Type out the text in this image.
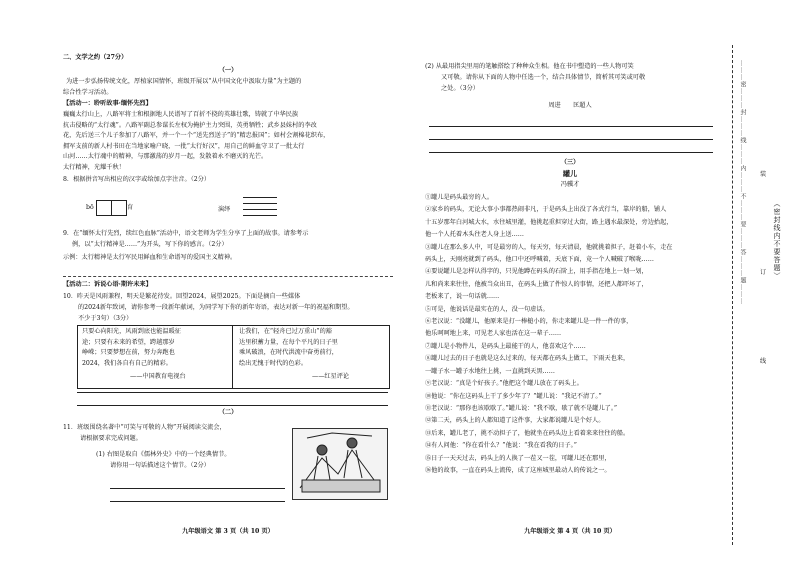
二、文学之约（27分）
（一）
为进一步弘扬传统文化，厚植家国情怀，班级开展以“从中国文化中汲取力量”为主题的
综合性学习活动。
【活动一：聆听故事·缅怀先烈】
巍巍太行山上，八路军将士和根据地人民谱写了百折不挠的英雄壮歌，铸就了中华民族
抗击侵略的“太行魂”。八路军副总参谋长左权为掩护主力突围，英勇牺牲；武乡县妹村的李改
花，先后送三个儿子参加了八路军，并一个一个“送先烈送子”的“精忠报国”；如村会割棉花织布，
拥军支前的新人村书田在当地家喻户晓，一批“太行好汉”，用自己的鲜血守卫了一批太行
山河……太行魂中的精神，与那激荡的岁月一起，发散着永不磨灭的光芒。
太行精神，光耀千秋！
8．根据拼音写出相应的汉字或给加点字注音。（2分）
bō	育	演绎
9．在“缅怀太行先烈，续红色血脉”活动中，语文老师为学生分享了上面的故事。请参考示
例，以“太行精神是……”为开头，写下你的感言。（2分）
示例：太行精神是太行军民用鲜血和生命谱写的爱国主义精神。
【活动二：诉说心语·期许未来】
10．昨天是风雨兼程，明天是繁花待发。回望2024，展望2025。下面是摘自一些媒体
的2024新年致词，请你参考一段新年献词，为同学写下你的新年寄语，表达对新一年的祝福和期望。
不少于3句）（3分）
只要心向阳光，风雨到底也能温暖征
途；只要有未来的希望，跨越那岁
峥嵘；只要梦想在前，努力奔跑也
2024，我们各自有自己的精彩。
——中国教育电视台
让我们，在“轻舟已过万重山”的豁
达里积蓄力量，在每个平凡的日子里
乘风破浪，在时代洪流中奋勇前行，
绘出无愧于时代的色彩。
——红星评论
（二）
11．班级围绕名著中“可笑与可敬的人物”开展阅读交流会，
请根据要求完成问题。
(1) 右图是取自《儒林外史》中的一个经典情节。
请你用一句话描述这个情节。（2分）
九年级语文 第 3 页（共 10 页）
(2) 从最用指尖里用的笔触搭绘了种种众生相。他在书中塑造的一些人物可笑
又可敬。请你从下面的人物中任选一个，结合具体情节，简析其可笑或可敬
之处。（3分）
周进　　匡超人
（三）
罐儿
冯骥才
①罐儿是码头最穷的人。
②家乡的码头，无论大事小事都热闹非凡，于是码头上出没了各式行当，靠岸的船，铺人
十五岁那年白河城大水，水往城里灌，他挑起重担穿过大街，路上遇水最深处，旁边抬起，
他一个人托着木头往老人身上送……
③罐儿在那么多人中，可是最穷的人，每天穷，每天清晨，他就挑着担子，赶着小车，走在
码头上，天刚亮就到了码头，他口中还呼喊着，天底下面，竟一个人喊破了喉咙……
④要说罐儿是怎样认得字的，只见他蹲在码头的石阶上，用手指在地上一划一划，
儿和尚来来往往，他被当众出丑，在码头上做了件惊人的事情，还把人都吓坏了，
老板来了，说一句话就……
⑤可是，他说话是最实在的人，没一句虚话。
⑥老汉说：“没罐儿，他原来是打一棒槌小的，你走来罐儿是一件一件的事，
他乐呵呵地上来，可见老人家也活在这一辈子……
⑦罐儿是小物件儿，是码头上最能干的人，他喜欢这个……
⑧罐儿过去的日子也就是这么过来的，每天都在码头上做工，下雨天也来，
一罐子水一罐子水地往上挑，一直挑到天黑……
⑨老汉说：“真是个好孩子。”他把这个罐儿放在了码头上。
⑩他说：“你在这码头上干了多少年了？”罐儿说：“我记不清了。”
⑪老汉说：“那你也该歇歇了。”罐儿说：“我不歇，歇了就不是罐儿了。”
⑫第二天，码头上的人都知道了这件事，大家都说罐儿是个好人。
⑬后来，罐儿老了，挑不动担子了，他就坐在码头边上看着来来往往的船。
⑭有人问他：“你在看什么？”他说：“我在看我的日子。”
⑮日子一天天过去，码头上的人换了一茬又一茬，可罐儿还在那里，
⑯他的故事，一直在码头上流传，成了这座城里最动人的传说之一。
九年级语文 第 4 页（共 10 页）
………密………封………线………内………不………要………答………题………	（密封线内不要答题）
装
订
线
